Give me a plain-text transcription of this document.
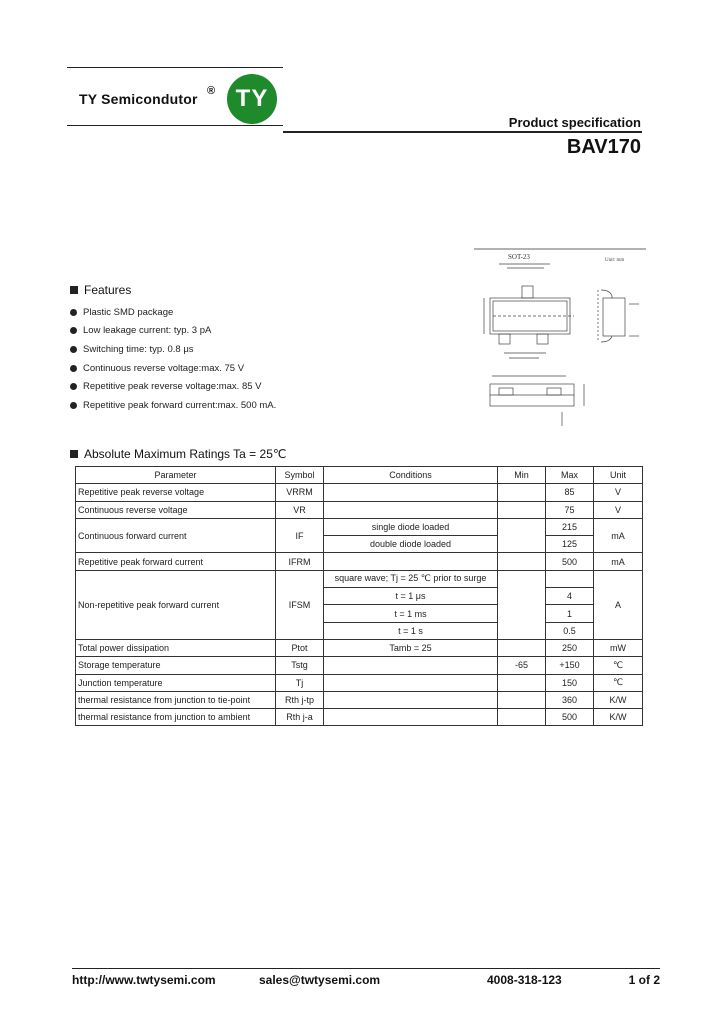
TY Semicondutor ® TY
Product specification
BAV170
Features
Plastic SMD package
Low leakage current: typ. 3 pA
Switching time: typ. 0.8 μs
Continuous reverse voltage:max. 75 V
Repetitive peak reverse voltage:max. 85 V
Repetitive peak forward current:max. 500 mA.
SOT-23	Unit: mm
Absolute Maximum Ratings Ta = 25℃
Parameter	Symbol	Conditions	Min	Max	Unit
Repetitive peak reverse voltage	VRRM			85	V
Continuous reverse voltage	VR			75	V
Continuous forward current	IF	single diode loaded		215	mA
		double diode loaded		125	
Repetitive peak forward current	IFRM			500	mA
Non-repetitive peak forward current	IFSM	square wave; Tj = 25 ℃ prior to surge			A
		t = 1 μs		4	
		t = 1 ms		1	
		t = 1 s		0.5	
Total power dissipation	Ptot	Tamb = 25		250	mW
Storage temperature	Tstg		-65	+150	℃
Junction temperature	Tj			150	℃
thermal resistance from junction to tie-point	Rth j-tp			360	K/W
thermal resistance from junction to ambient	Rth j-a			500	K/W
http://www.twtysemi.com	sales@twtysemi.com	4008-318-123	1 of 2
